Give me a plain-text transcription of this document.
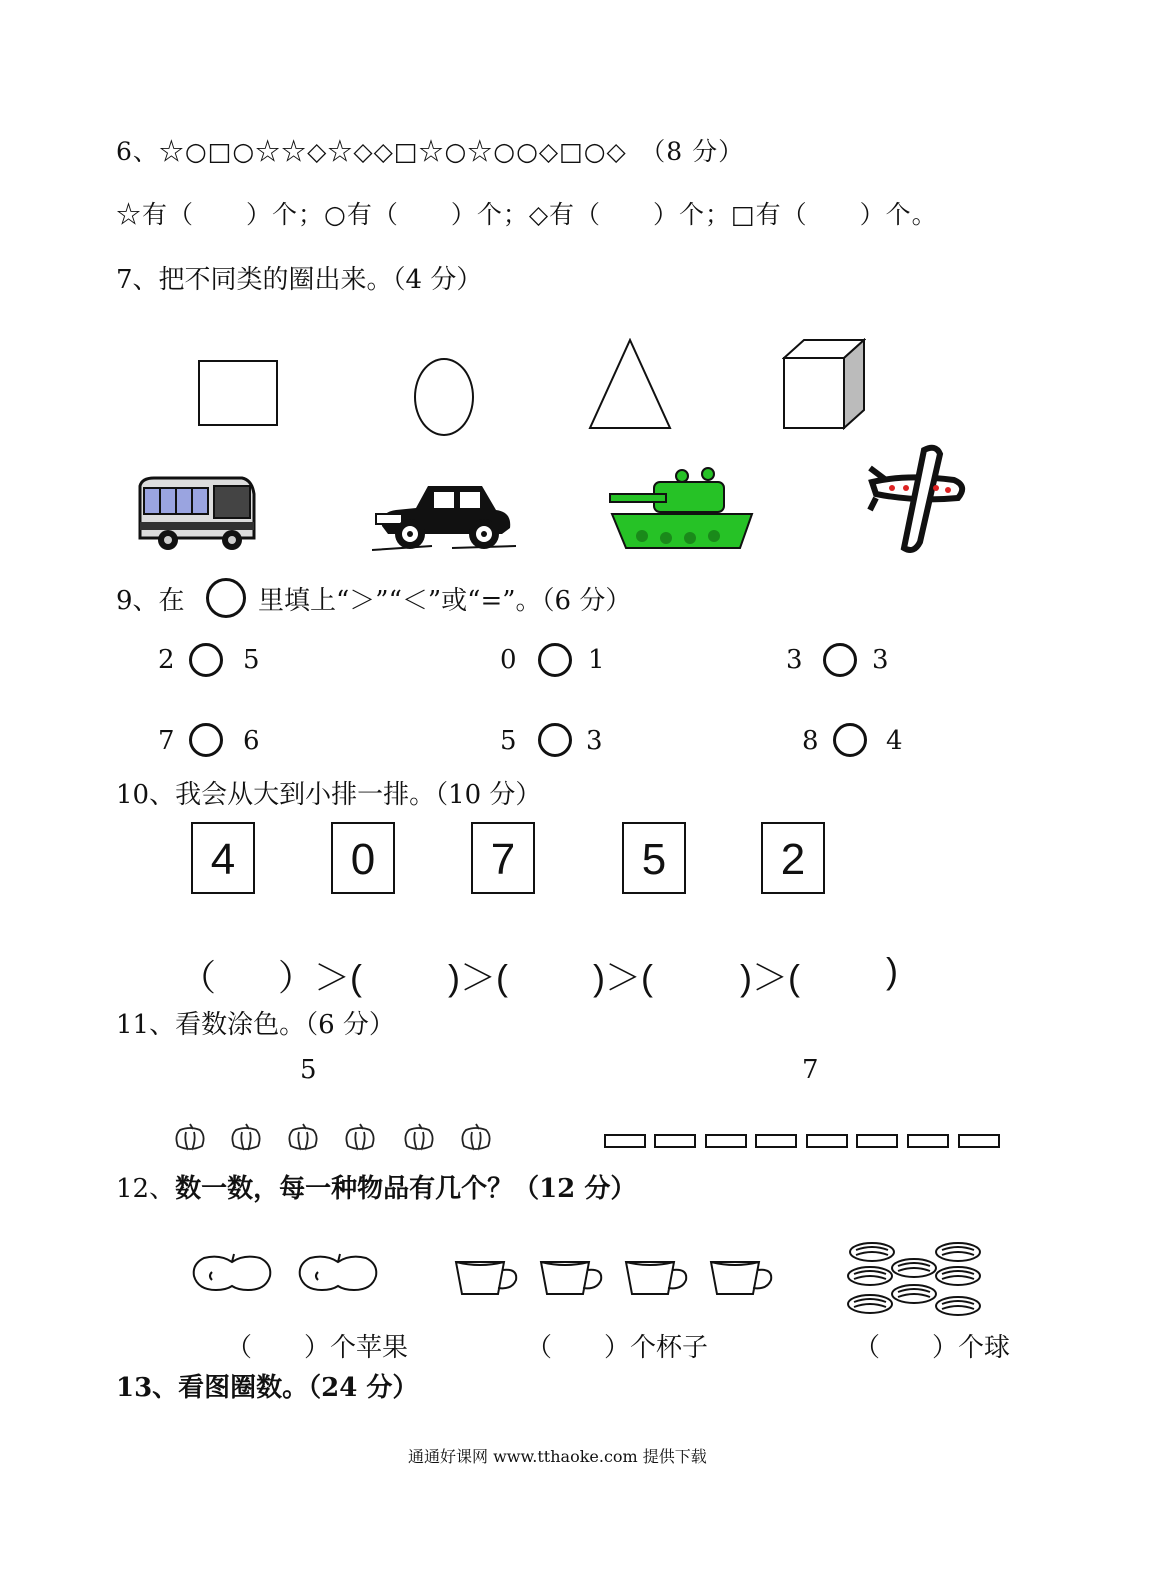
6、☆○□○☆☆◇☆◇◇□☆○☆○○◇□○◇　（8 分）
☆有（　　）个；○有（　　）个；◇有（　　）个；□有（　　）个。
7、把不同类的圈出来。（4 分）
9、在	里填上“＞”“＜”或“=”。（6 分）
2	5	0	1	3	3
7	6	5	3	8	4
10、我会从大到小排一排。（10 分）
4	0	7	5	2
（ ） ＞( )＞( )＞( )＞( )
11、看数涂色。（6 分）
5	7
12、数一数，每一种物品有几个？（12 分）
（　　）个苹果	（　　）个杯子	（　　）个球
13、看图圈数。（24 分）
通通好课网 www.tthaoke.com 提供下载
